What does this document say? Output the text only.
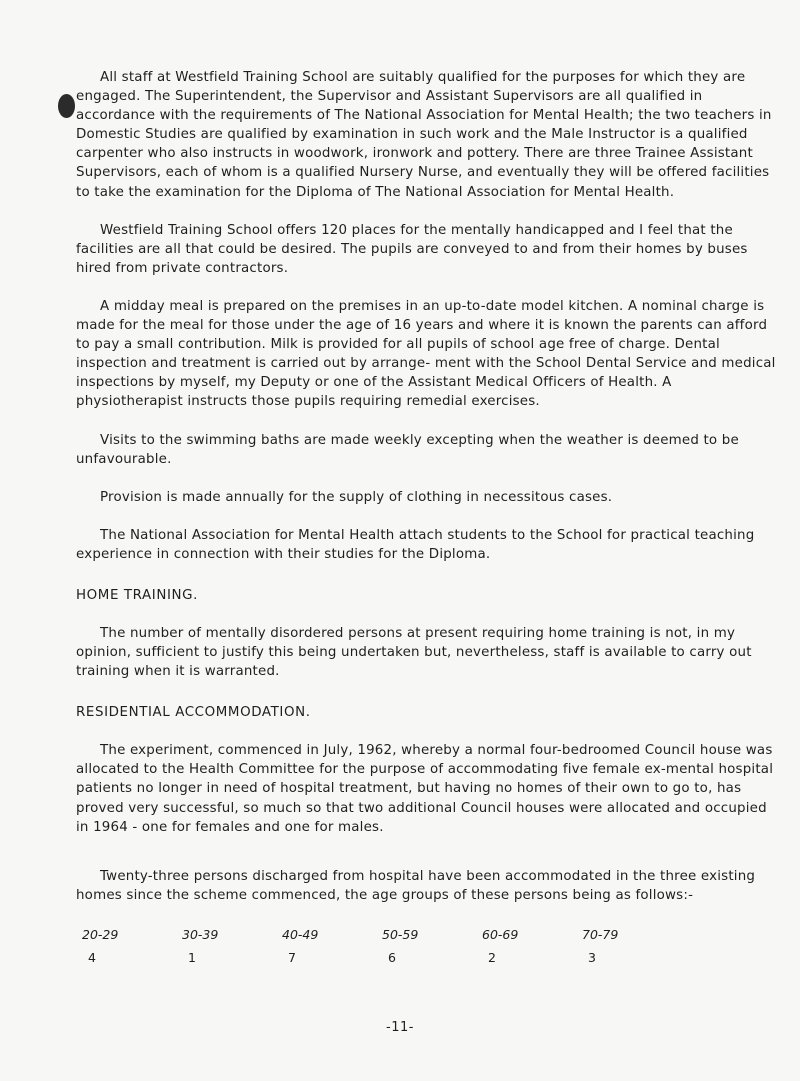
All staff at Westfield Training School are suitably qualified for the purposes for which they are engaged. The Superintendent, the Supervisor and Assistant Supervisors are all qualified in accordance with the requirements of The National Association for Mental Health; the two teachers in Domestic Studies are qualified by examination in such work and the Male Instructor is a qualified carpenter who also instructs in woodwork, ironwork and pottery. There are three Trainee Assistant Supervisors, each of whom is a qualified Nursery Nurse, and eventually they will be offered facilities to take the examination for the Diploma of The National Association for Mental Health.

Westfield Training School offers 120 places for the mentally handicapped and I feel that the facilities are all that could be desired. The pupils are conveyed to and from their homes by buses hired from private contractors.

A midday meal is prepared on the premises in an up-to-date model kitchen. A nominal charge is made for the meal for those under the age of 16 years and where it is known the parents can afford to pay a small contribution. Milk is provided for all pupils of school age free of charge. Dental inspection and treatment is carried out by arrange- ment with the School Dental Service and medical inspections by myself, my Deputy or one of the Assistant Medical Officers of Health. A physiotherapist instructs those pupils requiring remedial exercises.

Visits to the swimming baths are made weekly excepting when the weather is deemed to be unfavourable.

Provision is made annually for the supply of clothing in necessitous cases.

The National Association for Mental Health attach students to the School for practical teaching experience in connection with their studies for the Diploma.

HOME TRAINING.

The number of mentally disordered persons at present requiring home training is not, in my opinion, sufficient to justify this being undertaken but, nevertheless, staff is available to carry out training when it is warranted.

RESIDENTIAL ACCOMMODATION.

The experiment, commenced in July, 1962, whereby a normal four-bedroomed Council house was allocated to the Health Committee for the purpose of accommodating five female ex-mental hospital patients no longer in need of hospital treatment, but having no homes of their own to go to, has proved very successful, so much so that two additional Council houses were allocated and occupied in 1964 - one for females and one for males.

Twenty-three persons discharged from hospital have been accommodated in the three existing homes since the scheme commenced, the age groups of these persons being as follows:-

20-29	30-39	40-49	50-59	60-69	70-79
4	1	7	6	2	3
-11-
